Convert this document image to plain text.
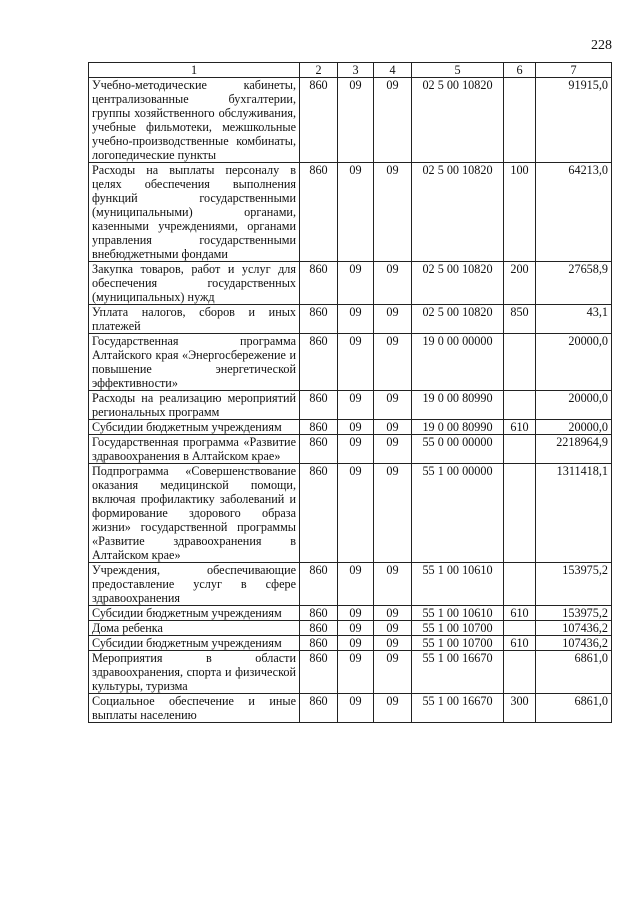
228
1	2	3	4	5	6	7
Учебно-методические кабинеты, централизованные бухгалтерии, группы хозяйственного обслуживания, учебные фильмотеки, межшкольные учебно-производственные комбинаты, логопедические пункты	860	09	09	02 5 00 10820		91915,0
Расходы на выплаты персоналу в целях обеспечения выполнения функций государственными (муниципальными) органами, казенными учреждениями, органами управления государственными внебюджетными фондами	860	09	09	02 5 00 10820	100	64213,0
Закупка товаров, работ и услуг для обеспечения государственных (муниципальных) нужд	860	09	09	02 5 00 10820	200	27658,9
Уплата налогов, сборов и иных платежей	860	09	09	02 5 00 10820	850	43,1
Государственная программа Алтайского края «Энергосбережение и повышение энергетической эффективности»	860	09	09	19 0 00 00000		20000,0
Расходы на реализацию мероприятий региональных программ	860	09	09	19 0 00 80990		20000,0
Субсидии бюджетным учреждениям	860	09	09	19 0 00 80990	610	20000,0
Государственная программа «Развитие здравоохранения в Алтайском крае»	860	09	09	55 0 00 00000		2218964,9
Подпрограмма «Совершенствование оказания медицинской помощи, включая профилактику заболеваний и формирование здорового образа жизни» государственной программы «Развитие здравоохранения в Алтайском крае»	860	09	09	55 1 00 00000		1311418,1
Учреждения, обеспечивающие предоставление услуг в сфере здравоохранения	860	09	09	55 1 00 10610		153975,2
Субсидии бюджетным учреждениям	860	09	09	55 1 00 10610	610	153975,2
Дома ребенка	860	09	09	55 1 00 10700		107436,2
Субсидии бюджетным учреждениям	860	09	09	55 1 00 10700	610	107436,2
Мероприятия в области здравоохранения, спорта и физической культуры, туризма	860	09	09	55 1 00 16670		6861,0
Социальное обеспечение и иные выплаты населению	860	09	09	55 1 00 16670	300	6861,0
